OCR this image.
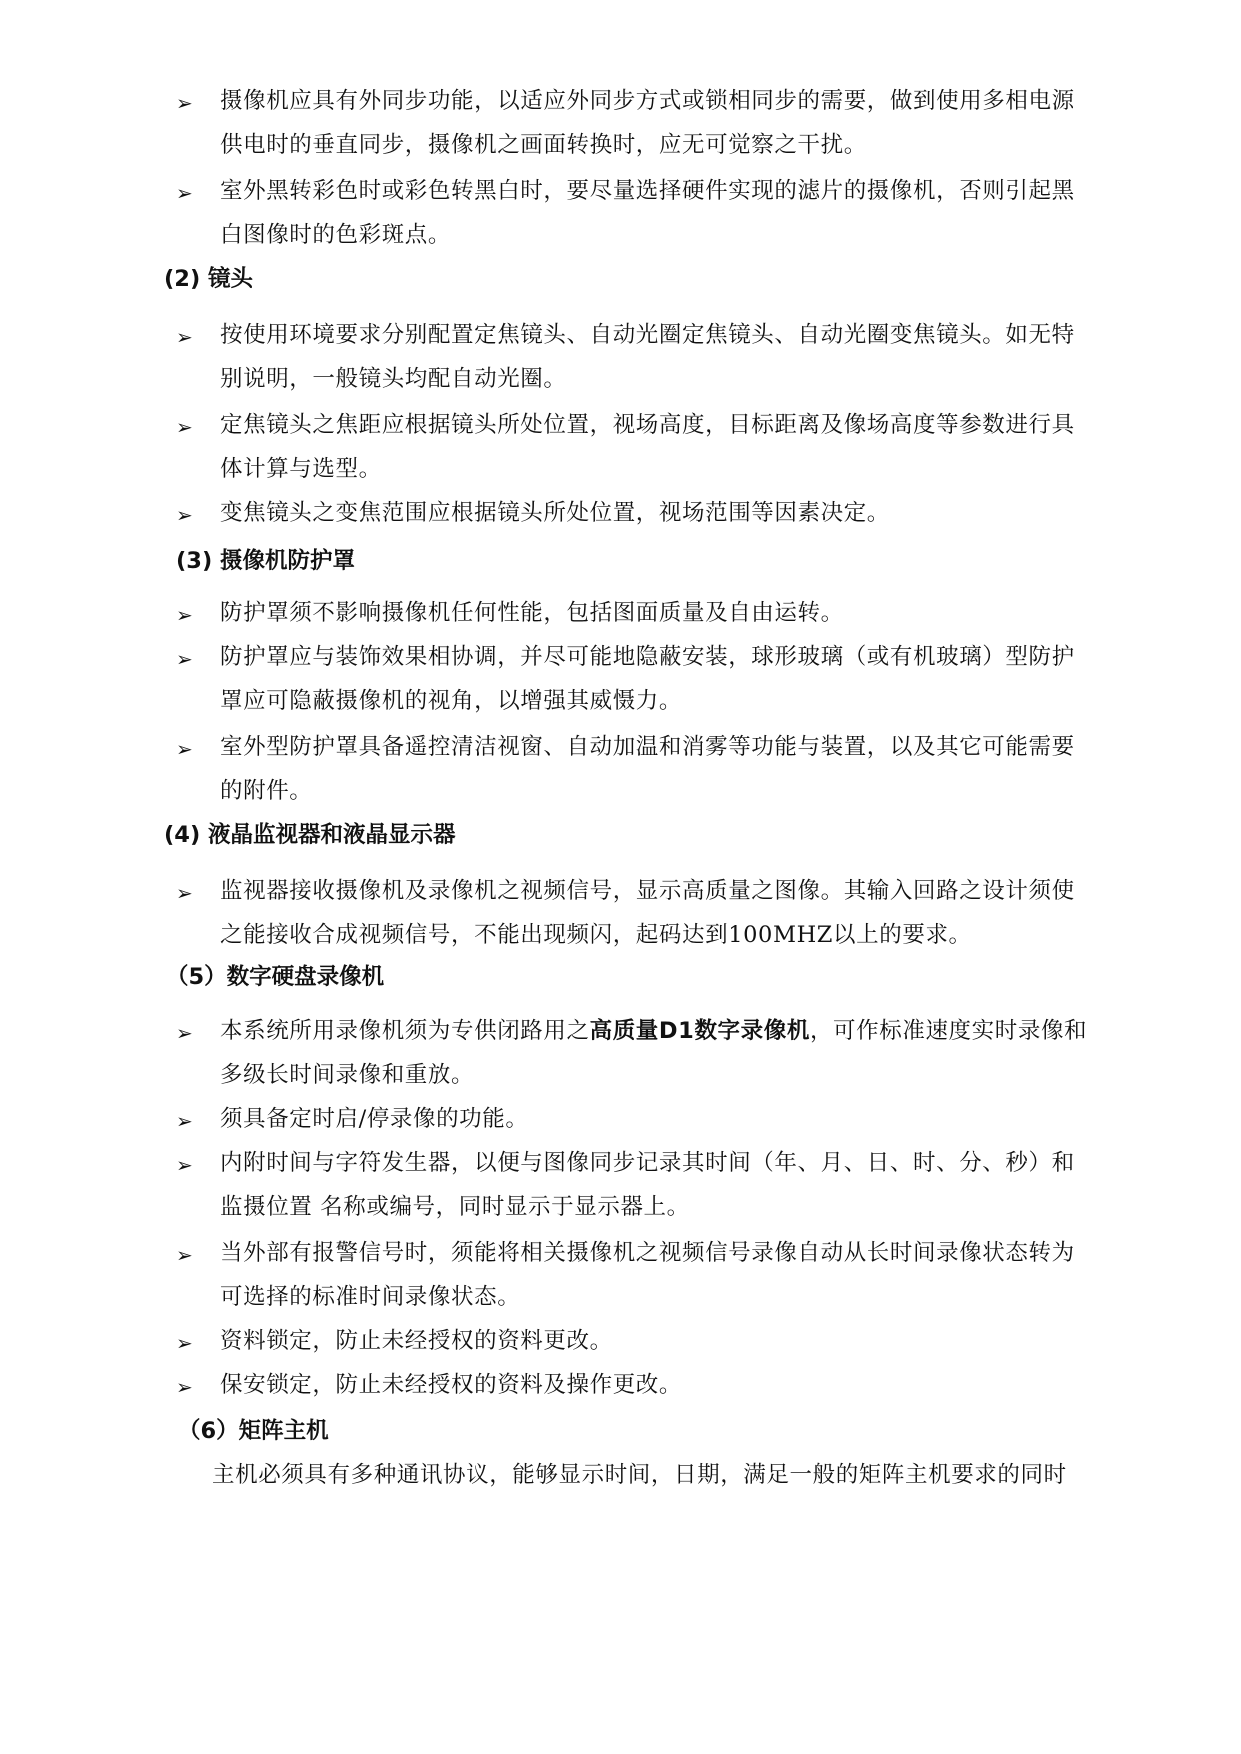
➢ 摄像机应具有外同步功能，以适应外同步方式或锁相同步的需要，做到使用多相电源
供电时的垂直同步，摄像机之画面转换时，应无可觉察之干扰。
➢ 室外黑转彩色时或彩色转黑白时，要尽量选择硬件实现的滤片的摄像机，否则引起黑
白图像时的色彩斑点。
(2) 镜头
➢ 按使用环境要求分别配置定焦镜头、自动光圈定焦镜头、自动光圈变焦镜头。如无特
别说明，一般镜头均配自动光圈。
➢ 定焦镜头之焦距应根据镜头所处位置，视场高度，目标距离及像场高度等参数进行具
体计算与选型。
➢ 变焦镜头之变焦范围应根据镜头所处位置，视场范围等因素决定。
(3) 摄像机防护罩
➢ 防护罩须不影响摄像机任何性能，包括图面质量及自由运转。
➢ 防护罩应与装饰效果相协调，并尽可能地隐蔽安装，球形玻璃（或有机玻璃）型防护
罩应可隐蔽摄像机的视角，以增强其威慑力。
➢ 室外型防护罩具备遥控清洁视窗、自动加温和消雾等功能与装置，以及其它可能需要
的附件。
(4) 液晶监视器和液晶显示器
➢ 监视器接收摄像机及录像机之视频信号，显示高质量之图像。其输入回路之设计须使
之能接收合成视频信号，不能出现频闪，起码达到100MHZ以上的要求。
（5）数字硬盘录像机
➢ 本系统所用录像机须为专供闭路用之高质量D1数字录像机，可作标准速度实时录像和
多级长时间录像和重放。
➢ 须具备定时启/停录像的功能。
➢ 内附时间与字符发生器，以便与图像同步记录其时间（年、月、日、时、分、秒）和
监摄位置 名称或编号，同时显示于显示器上。
➢ 当外部有报警信号时，须能将相关摄像机之视频信号录像自动从长时间录像状态转为
可选择的标准时间录像状态。
➢ 资料锁定，防止未经授权的资料更改。
➢ 保安锁定，防止未经授权的资料及操作更改。
（6）矩阵主机
主机必须具有多种通讯协议，能够显示时间，日期，满足一般的矩阵主机要求的同时
